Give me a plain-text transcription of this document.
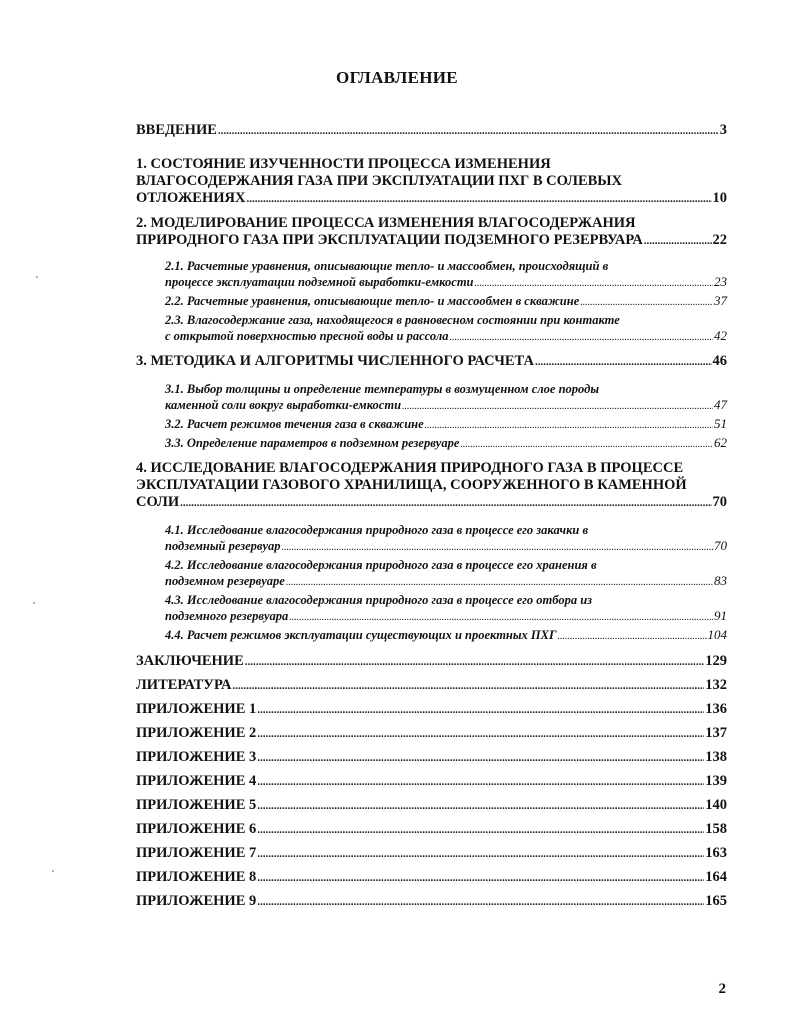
ОГЛАВЛЕНИЕ
ВВЕДЕНИЕ .....	3
1. СОСТОЯНИЕ ИЗУЧЕННОСТИ ПРОЦЕССА ИЗМЕНЕНИЯ
ВЛАГОСОДЕРЖАНИЯ ГАЗА ПРИ ЭКСПЛУАТАЦИИ ПХГ В СОЛЕВЫХ
ОТЛОЖЕНИЯХ .....	10
2. МОДЕЛИРОВАНИЕ ПРОЦЕССА ИЗМЕНЕНИЯ ВЛАГОСОДЕРЖАНИЯ
ПРИРОДНОГО ГАЗА ПРИ ЭКСПЛУАТАЦИИ ПОДЗЕМНОГО РЕЗЕРВУАРА .....	22
2.1. Расчетные уравнения, описывающие тепло- и массообмен, происходящий в
процессе эксплуатации подземной выработки-емкости .....	23
2.2. Расчетные уравнения, описывающие тепло- и массообмен в скважине .....	37
2.3. Влагосодержание газа, находящегося в равновесном состоянии при контакте
с открытой поверхностью пресной воды и рассола .....	42
3. МЕТОДИКА И АЛГОРИТМЫ ЧИСЛЕННОГО РАСЧЕТА .....	46
3.1. Выбор толщины и определение температуры в возмущенном слое породы
каменной соли вокруг выработки-емкости .....	47
3.2. Расчет режимов течения газа в скважине .....	51
3.3. Определение параметров в подземном резервуаре .....	62
4. ИССЛЕДОВАНИЕ ВЛАГОСОДЕРЖАНИЯ ПРИРОДНОГО ГАЗА В ПРОЦЕССЕ
ЭКСПЛУАТАЦИИ ГАЗОВОГО ХРАНИЛИЩА, СООРУЖЕННОГО В КАМЕННОЙ
СОЛИ .....	70
4.1. Исследование влагосодержания природного газа в процессе его закачки в
подземный резервуар .....	70
4.2. Исследование влагосодержания природного газа в процессе его хранения в
подземном резервуаре .....	83
4.3. Исследование влагосодержания природного газа в процессе его отбора из
подземного резервуара .....	91
4.4. Расчет режимов эксплуатации существующих и проектных ПХГ .....	104
ЗАКЛЮЧЕНИЕ .....	129
ЛИТЕРАТУРА .....	132
ПРИЛОЖЕНИЕ 1 .....	136
ПРИЛОЖЕНИЕ 2 .....	137
ПРИЛОЖЕНИЕ 3 .....	138
ПРИЛОЖЕНИЕ 4 .....	139
ПРИЛОЖЕНИЕ 5 .....	140
ПРИЛОЖЕНИЕ 6 .....	158
ПРИЛОЖЕНИЕ 7 .....	163
ПРИЛОЖЕНИЕ 8 .....	164
ПРИЛОЖЕНИЕ 9 .....	165
2
